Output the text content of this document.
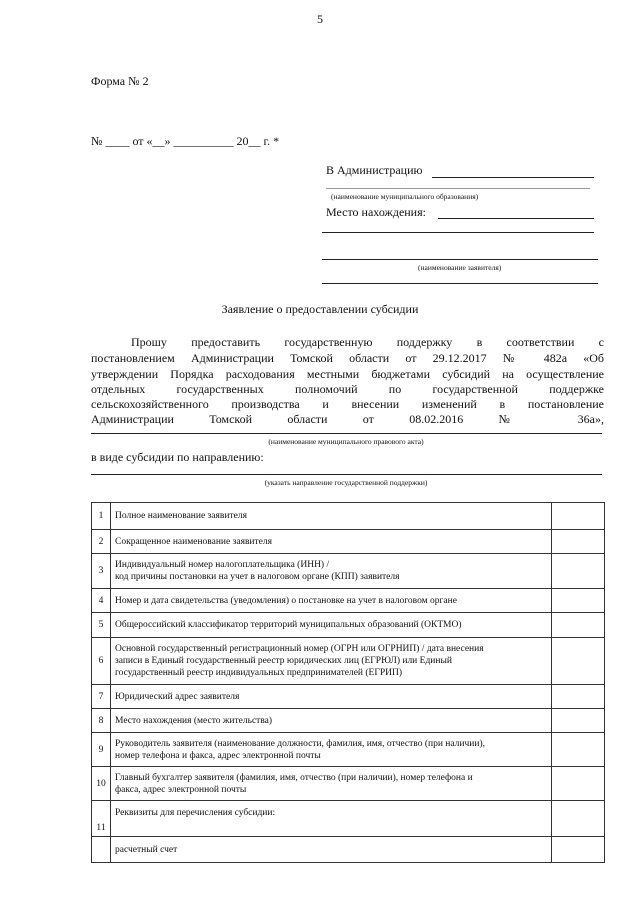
5
Форма № 2
№ ____ от «__» __________ 20__ г. *
В Администрацию
(наименование муниципального образования)
Место нахождения:
(наименование заявителя)
Заявление о предоставлении субсидии
Прошу предоставить государственную поддержку в соответствии с
постановлением Администрации Томской области от 29.12.2017 № 482а «Об
утверждении Порядка расходования местными бюджетами субсидий на осуществление
отдельных государственных полномочий по государственной поддержке
сельскохозяйственного производства и внесении изменений в постановление
Администрации Томской области от 08.02.2016 № 36а»,
(наименование муниципального правового акта)
в виде субсидии по направлению:
(указать направление государственной поддержки)
1	Полное наименование заявителя	
2	Сокращенное наименование заявителя	
3	Индивидуальный номер налогоплательщика (ИНН) /
код причины постановки на учет в налоговом органе (КПП) заявителя	
4	Номер и дата свидетельства (уведомления) о постановке на учет в налоговом органе	
5	Общероссийский классификатор территорий муниципальных образований (ОКТМО)	
6	Основной государственный регистрационный номер (ОГРН или ОГРНИП) / дата внесения
записи в Единый государственный реестр юридических лиц (ЕГРЮЛ) или Единый
государственный реестр индивидуальных предпринимателей (ЕГРИП)	
7	Юридический адрес заявителя	
8	Место нахождения (место жительства)	
9	Руководитель заявителя (наименование должности, фамилия, имя, отчество (при наличии),
номер телефона и факса, адрес электронной почты	
10	Главный бухгалтер заявителя (фамилия, имя, отчество (при наличии), номер телефона и
факса, адрес электронной почты	
11	Реквизиты для перечисления субсидии:	
	расчетный счет	
